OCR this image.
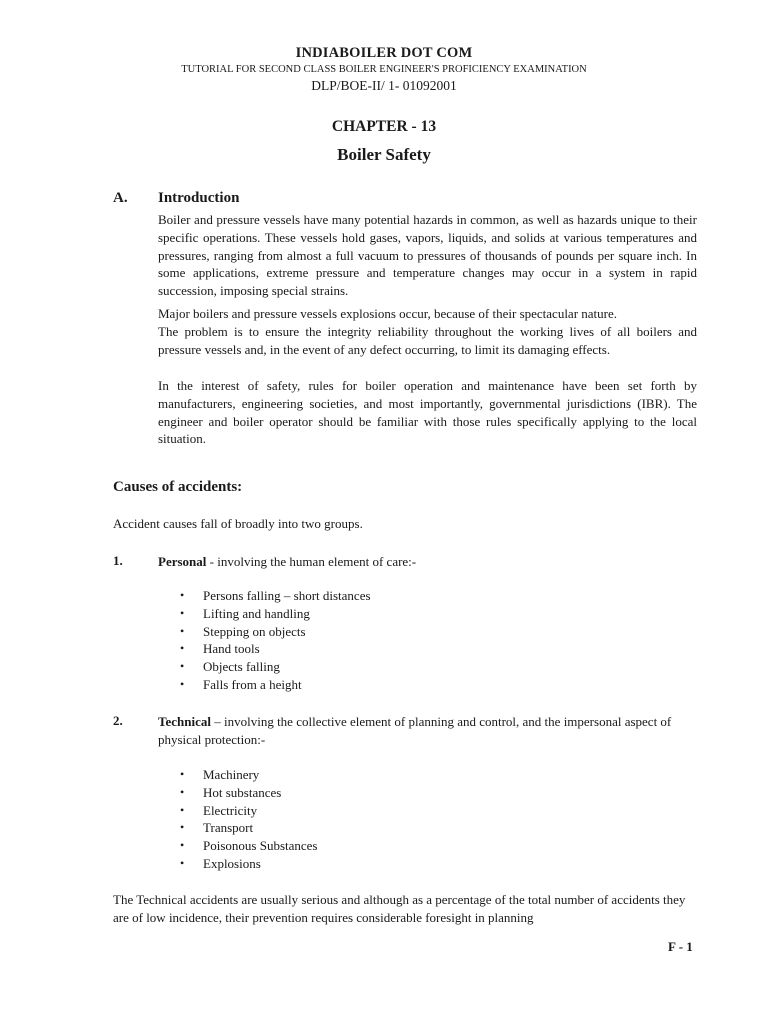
INDIABOILER DOT COM
TUTORIAL FOR SECOND CLASS BOILER ENGINEER'S PROFICIENCY EXAMINATION
DLP/BOE-II/ 1- 01092001
CHAPTER - 13
Boiler Safety
A. Introduction

Boiler and pressure vessels have many potential hazards in common, as well as hazards unique to their specific operations. These vessels hold gases, vapors, liquids, and solids at various temperatures and pressures, ranging from almost a full vacuum to pressures of thousands of pounds per square inch. In some applications, extreme pressure and temperature changes may occur in a system in rapid succession, imposing special strains.

Major boilers and pressure vessels explosions occur, because of their spectacular nature.

The problem is to ensure the integrity reliability throughout the working lives of all boilers and pressure vessels and, in the event of any defect occurring, to limit its damaging effects.

In the interest of safety, rules for boiler operation and maintenance have been set forth by manufacturers, engineering societies, and most importantly, governmental jurisdictions (IBR). The engineer and boiler operator should be familiar with those rules specifically applying to the local situation.

Causes of accidents:
Accident causes fall of broadly into two groups.
1.	Personal - involving the human element of care:-
• Persons falling – short distances
• Lifting and handling
• Stepping on objects
• Hand tools
• Objects falling
• Falls from a height
2.	Technical – involving the collective element of planning and control, and the impersonal aspect of physical protection:-
• Machinery
• Hot substances
• Electricity
• Transport
• Poisonous Substances
• Explosions
The Technical accidents are usually serious and although as a percentage of the total number of accidents they are of low incidence, their prevention requires considerable foresight in planning
F - 1
